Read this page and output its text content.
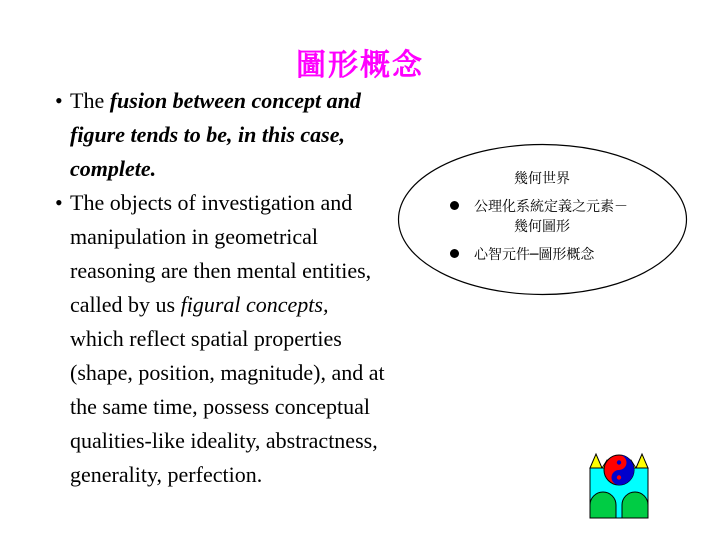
圖形概念
• The fusion between concept and
figure tends to be, in this case,
complete.
• The objects of investigation and
manipulation in geometrical
reasoning are then mental entities,
called by us figural concepts,
which reflect spatial properties
(shape, position, magnitude), and at
the same time, possess conceptual
qualities-like ideality, abstractness,
generality, perfection.
幾何世界
公理化系統定義之元素－
幾何圖形
心智元件─圖形概念
